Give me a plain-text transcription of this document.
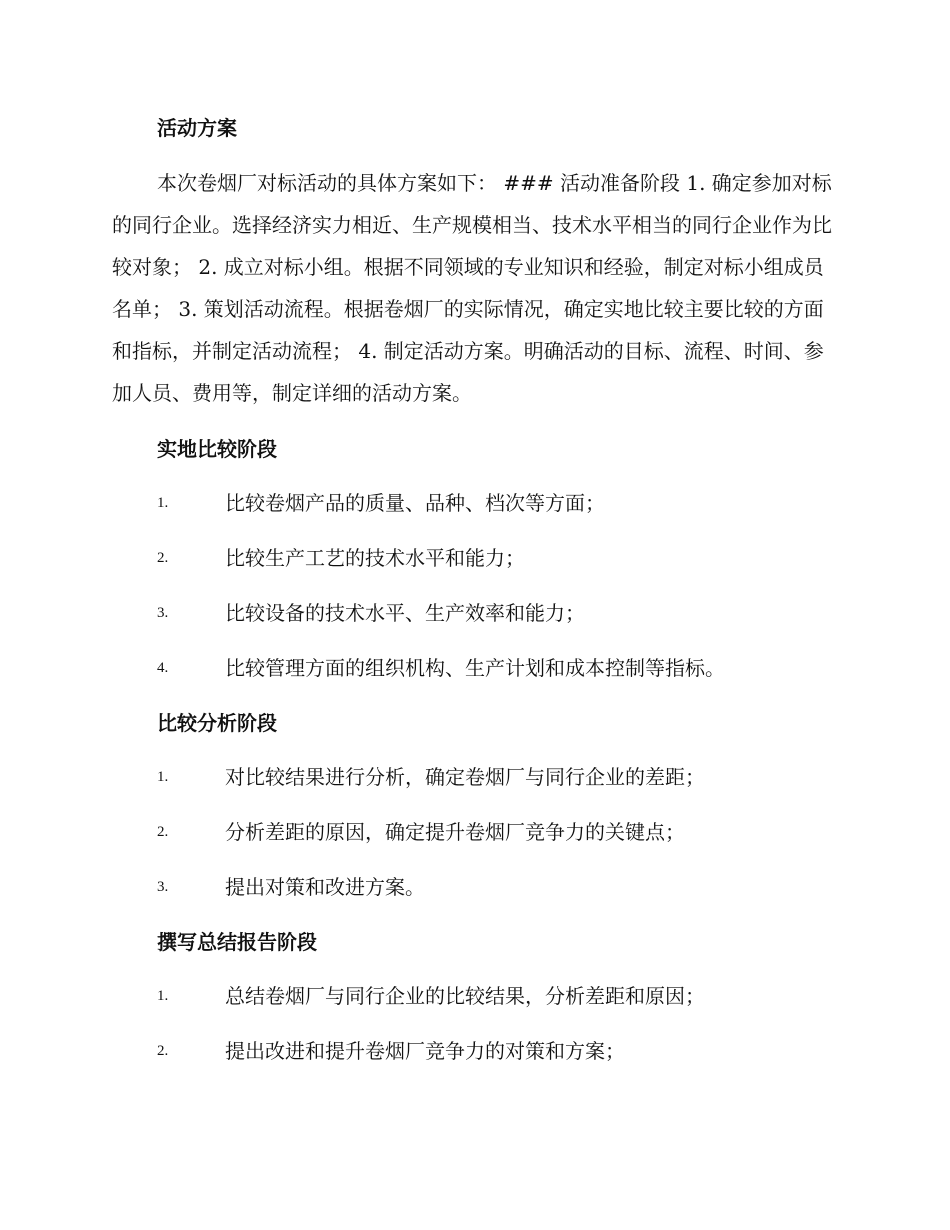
活动方案
本次卷烟厂对标活动的具体方案如下： ### 活动准备阶段 1. 确定参加对标的同行企业。选择经济实力相近、生产规模相当、技术水平相当的同行企业作为比较对象； 2. 成立对标小组。根据不同领域的专业知识和经验，制定对标小组成员名单； 3. 策划活动流程。根据卷烟厂的实际情况，确定实地比较主要比较的方面和指标，并制定活动流程； 4. 制定活动方案。明确活动的目标、流程、时间、参加人员、费用等，制定详细的活动方案。
实地比较阶段
1.	比较卷烟产品的质量、品种、档次等方面；
2.	比较生产工艺的技术水平和能力；
3.	比较设备的技术水平、生产效率和能力；
4.	比较管理方面的组织机构、生产计划和成本控制等指标。
比较分析阶段
1.	对比较结果进行分析，确定卷烟厂与同行企业的差距；
2.	分析差距的原因，确定提升卷烟厂竞争力的关键点；
3.	提出对策和改进方案。
撰写总结报告阶段
1.	总结卷烟厂与同行企业的比较结果，分析差距和原因；
2.	提出改进和提升卷烟厂竞争力的对策和方案；
